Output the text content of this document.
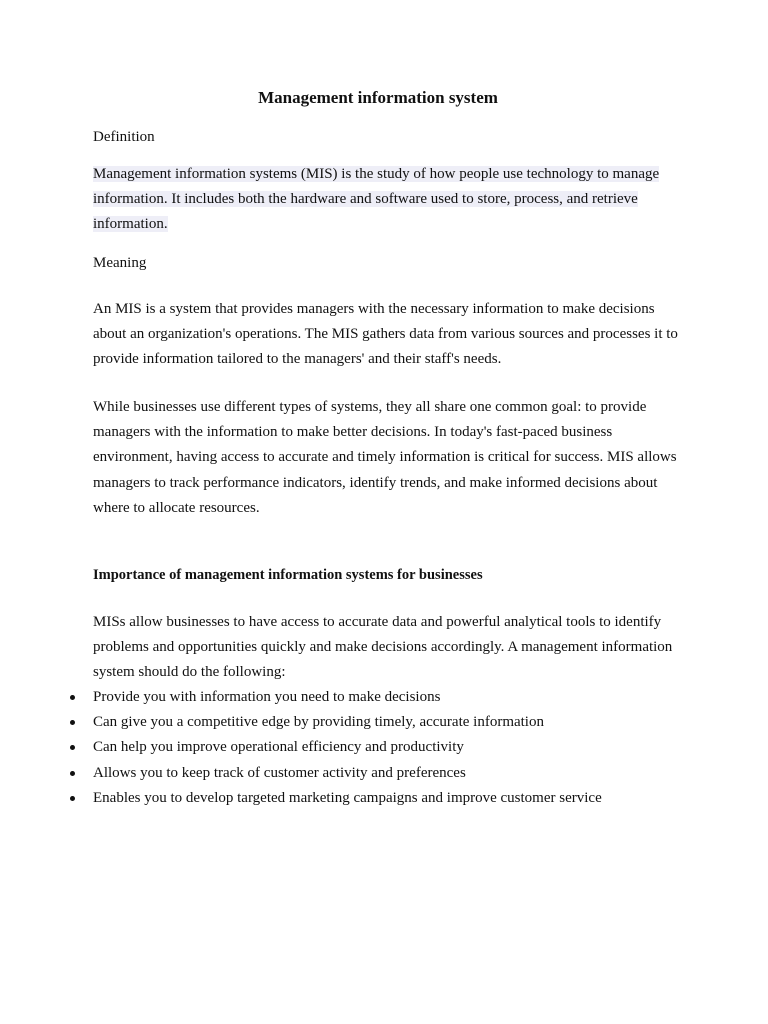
Management information system
Definition
Management information systems (MIS) is the study of how people use technology to manage information. It includes both the hardware and software used to store, process, and retrieve information.
Meaning
An MIS is a system that provides managers with the necessary information to make decisions about an organization's operations. The MIS gathers data from various sources and processes it to provide information tailored to the managers' and their staff's needs.
While businesses use different types of systems, they all share one common goal: to provide managers with the information to make better decisions. In today's fast-paced business environment, having access to accurate and timely information is critical for success. MIS allows managers to track performance indicators, identify trends, and make informed decisions about where to allocate resources.
Importance of management information systems for businesses
MISs allow businesses to have access to accurate data and powerful analytical tools to identify problems and opportunities quickly and make decisions accordingly. A management information system should do the following:
Provide you with information you need to make decisions
Can give you a competitive edge by providing timely, accurate information
Can help you improve operational efficiency and productivity
Allows you to keep track of customer activity and preferences
Enables you to develop targeted marketing campaigns and improve customer service
